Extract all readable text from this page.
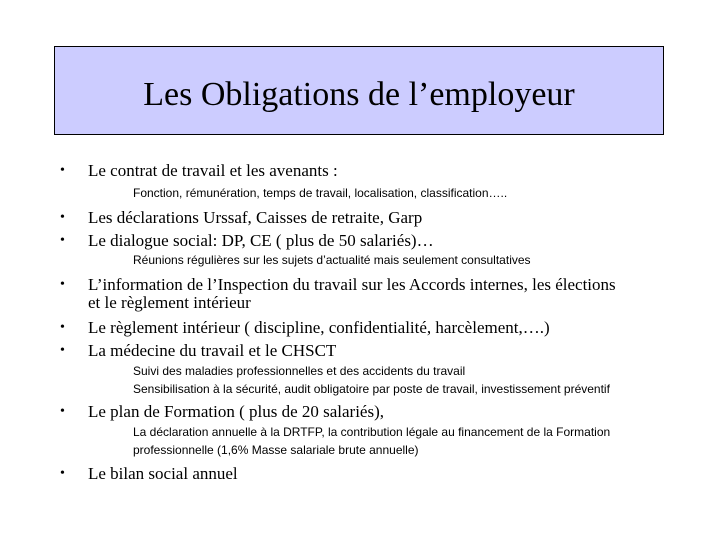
Les Obligations de l’employeur
• Le contrat de travail et les avenants :
Fonction, rémunération, temps de travail, localisation, classification…..
• Les déclarations Urssaf, Caisses de retraite, Garp
• Le dialogue social: DP, CE ( plus de 50 salariés)…
Réunions régulières sur les sujets d’actualité mais seulement consultatives
• L’information de l’Inspection du travail sur les Accords internes, les élections
et le règlement intérieur
• Le règlement intérieur ( discipline, confidentialité, harcèlement,….)
• La médecine du travail et le CHSCT
Suivi des maladies professionnelles et des accidents du travail
Sensibilisation à la sécurité, audit obligatoire par poste de travail, investissement préventif
• Le plan de Formation ( plus de 20 salariés),
La déclaration annuelle à la DRTFP, la contribution légale au financement de la Formation
professionnelle (1,6% Masse salariale brute annuelle)
• Le bilan social annuel
